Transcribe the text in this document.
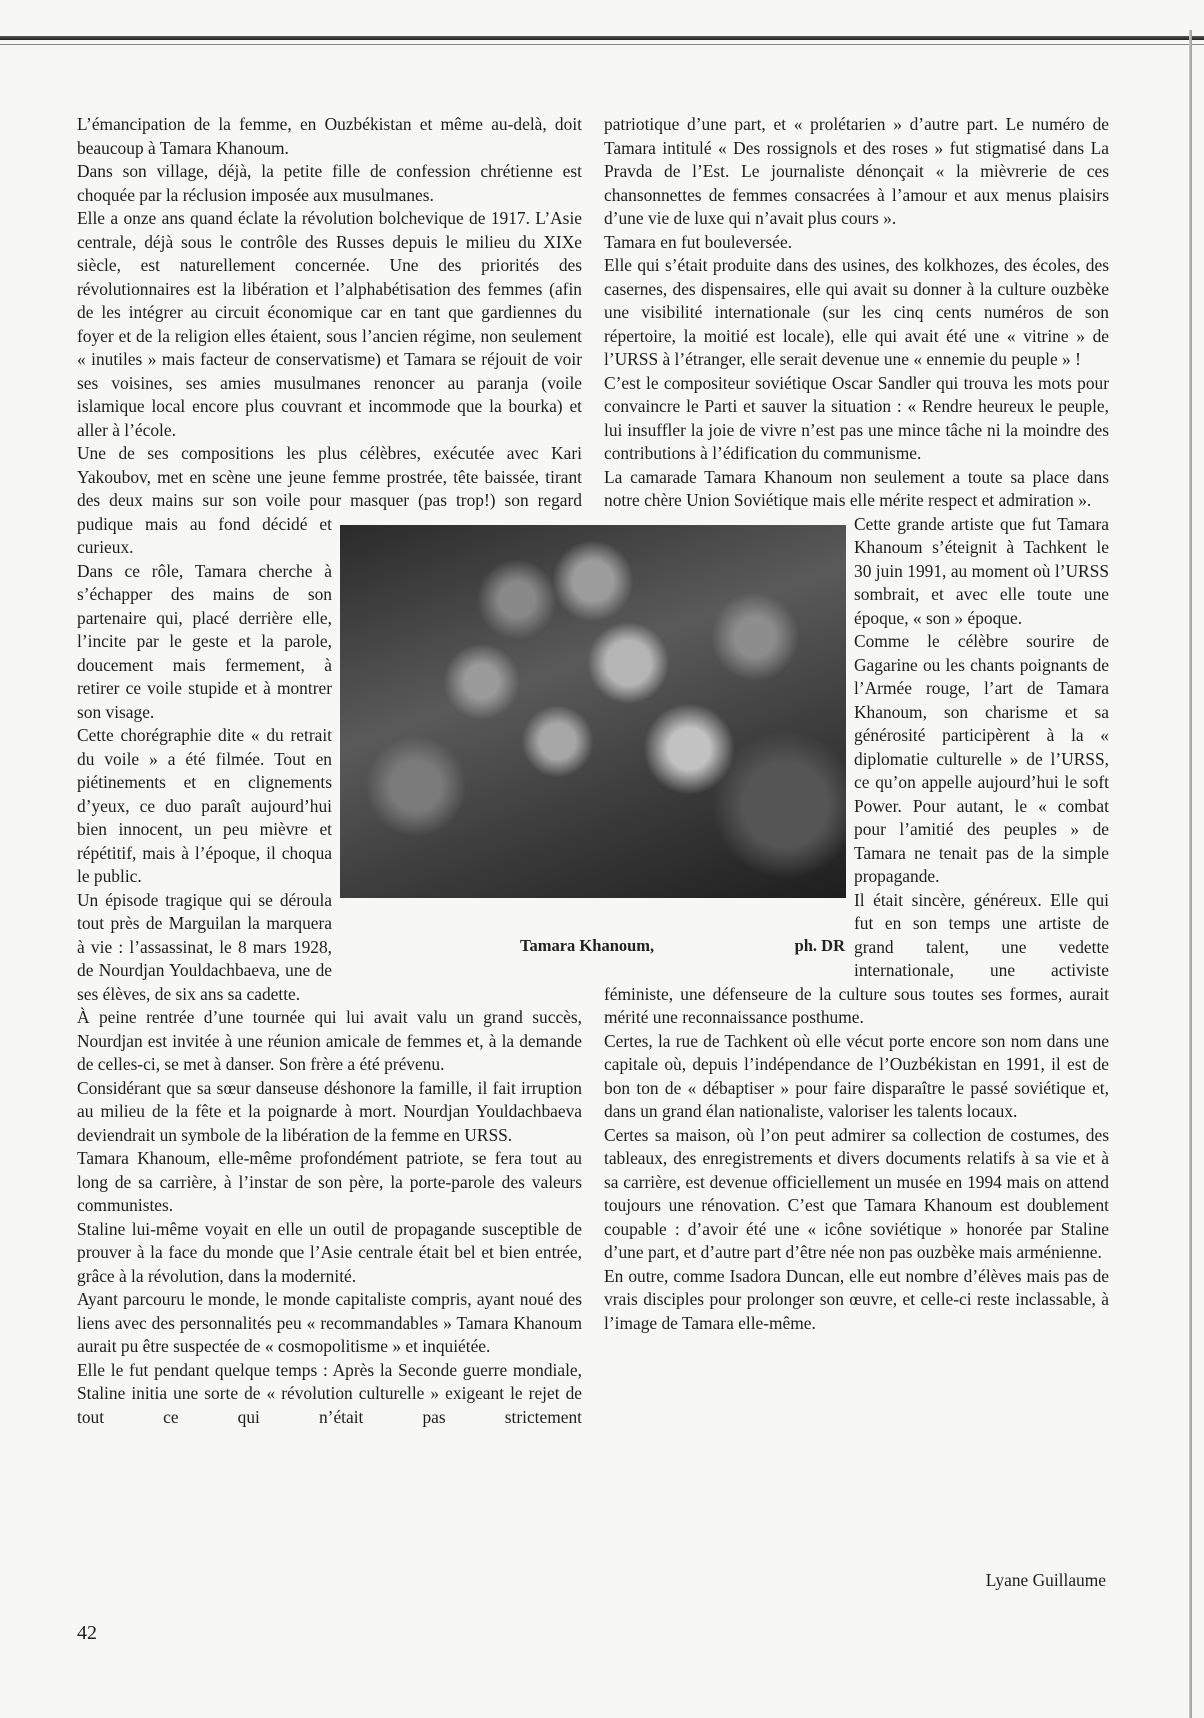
L’émancipation de la femme, en Ouzbékistan et même au-delà, doit beaucoup à Tamara Khanoum.

Dans son village, déjà, la petite fille de confession chrétienne est choquée par la réclusion imposée aux musulmanes.

Elle a onze ans quand éclate la révolution bolchevique de 1917. L’Asie centrale, déjà sous le contrôle des Russes depuis le milieu du XIXe siècle, est naturellement concernée. Une des priorités des révolutionnaires est la libération et l’alphabétisation des femmes (afin de les intégrer au circuit économique car en tant que gardiennes du foyer et de la religion elles étaient, sous l’ancien régime, non seulement « inutiles » mais facteur de conservatisme) et Tamara se réjouit de voir ses voisines, ses amies musulmanes renoncer au paranja (voile islamique local encore plus couvrant et incommode que la bourka) et aller à l’école.

Une de ses compositions les plus célèbres, exécutée avec Kari Yakoubov, met en scène une jeune femme prostrée, tête baissée, tirant des deux mains sur son voile pour masquer (pas trop!) son regard pudique mais au fond décidé et curieux.

Dans ce rôle, Tamara cherche à s’échapper des mains de son partenaire qui, placé derrière elle, l’incite par le geste et la parole, doucement mais fermement, à retirer ce voile stupide et à montrer son visage.

Cette chorégraphie dite « du retrait du voile » a été filmée. Tout en piétinements et en clignements d’yeux, ce duo paraît aujourd’hui bien innocent, un peu mièvre et répétitif, mais à l’époque, il choqua le public.

Un épisode tragique qui se déroula tout près de Marguilan la marquera à vie : l’assassinat, le 8 mars 1928, de Nourdjan Youldachbaeva, une de ses élèves, de six ans sa cadette.

À peine rentrée d’une tournée qui lui avait valu un grand succès, Nourdjan est invitée à une réunion amicale de femmes et, à la demande de celles-ci, se met à danser. Son frère a été prévenu.

Considérant que sa sœur danseuse déshonore la famille, il fait irruption au milieu de la fête et la poignarde à mort. Nourdjan Youldachbaeva deviendrait un symbole de la libération de la femme en URSS.

Tamara Khanoum, elle-même profondément patriote, se fera tout au long de sa carrière, à l’instar de son père, la porte-parole des valeurs communistes.

Staline lui-même voyait en elle un outil de propagande susceptible de prouver à la face du monde que l’Asie centrale était bel et bien entrée, grâce à la révolution, dans la modernité.

Ayant parcouru le monde, le monde capitaliste compris, ayant noué des liens avec des personnalités peu « recommandables » Tamara Khanoum aurait pu être suspectée de « cosmopolitisme » et inquiétée.

Elle le fut pendant quelque temps : Après la Seconde guerre mondiale, Staline initia une sorte de « révolution culturelle » exigeant le rejet de tout ce qui n’était pas strictement

patriotique d’une part, et « prolétarien » d’autre part. Le numéro de Tamara intitulé « Des rossignols et des roses » fut stigmatisé dans La Pravda de l’Est. Le journaliste dénonçait « la mièvrerie de ces chansonnettes de femmes consacrées à l’amour et aux menus plaisirs d’une vie de luxe qui n’avait plus cours ».

Tamara en fut bouleversée.

Elle qui s’était produite dans des usines, des kolkhozes, des écoles, des casernes, des dispensaires, elle qui avait su donner à la culture ouzbèke une visibilité internationale (sur les cinq cents numéros de son répertoire, la moitié est locale), elle qui avait été une « vitrine » de l’URSS à l’étranger, elle serait devenue une « ennemie du peuple » !

C’est le compositeur soviétique Oscar Sandler qui trouva les mots pour convaincre le Parti et sauver la situation : « Rendre heureux le peuple, lui insuffler la joie de vivre n’est pas une mince tâche ni la moindre des contributions à l’édification du communisme.

La camarade Tamara Khanoum non seulement a toute sa place dans notre chère Union Soviétique mais elle mérite respect et admiration ».

Cette grande artiste que fut Tamara Khanoum s’éteignit à Tachkent le 30 juin 1991, au moment où l’URSS sombrait, et avec elle toute une époque, « son » époque.

Comme le célèbre sourire de Gagarine ou les chants poignants de l’Armée rouge, l’art de Tamara Khanoum, son charisme et sa générosité participèrent à la « diplomatie culturelle » de l’URSS, ce qu’on appelle aujourd’hui le soft Power. Pour autant, le « combat pour l’amitié des peuples » de Tamara ne tenait pas de la simple propagande.

Il était sincère, généreux. Elle qui fut en son temps une artiste de grand talent, une vedette internationale, une activiste féministe, une défenseure de la culture sous toutes ses formes, aurait mérité une reconnaissance posthume.

Certes, la rue de Tachkent où elle vécut porte encore son nom dans une capitale où, depuis l’indépendance de l’Ouzbékistan en 1991, il est de bon ton de « débaptiser » pour faire disparaître le passé soviétique et, dans un grand élan nationaliste, valoriser les talents locaux.

Certes sa maison, où l’on peut admirer sa collection de costumes, des tableaux, des enregistrements et divers documents relatifs à sa vie et à sa carrière, est devenue officiellement un musée en 1994 mais on attend toujours une rénovation. C’est que Tamara Khanoum est doublement coupable : d’avoir été une « icône soviétique » honorée par Staline d’une part, et d’autre part d’être née non pas ouzbèke mais arménienne.

En outre, comme Isadora Duncan, elle eut nombre d’élèves mais pas de vrais disciples pour prolonger son œuvre, et celle-ci reste inclassable, à l’image de Tamara elle-même.

Tamara Khanoum,	ph. DR
Lyane Guillaume
42
